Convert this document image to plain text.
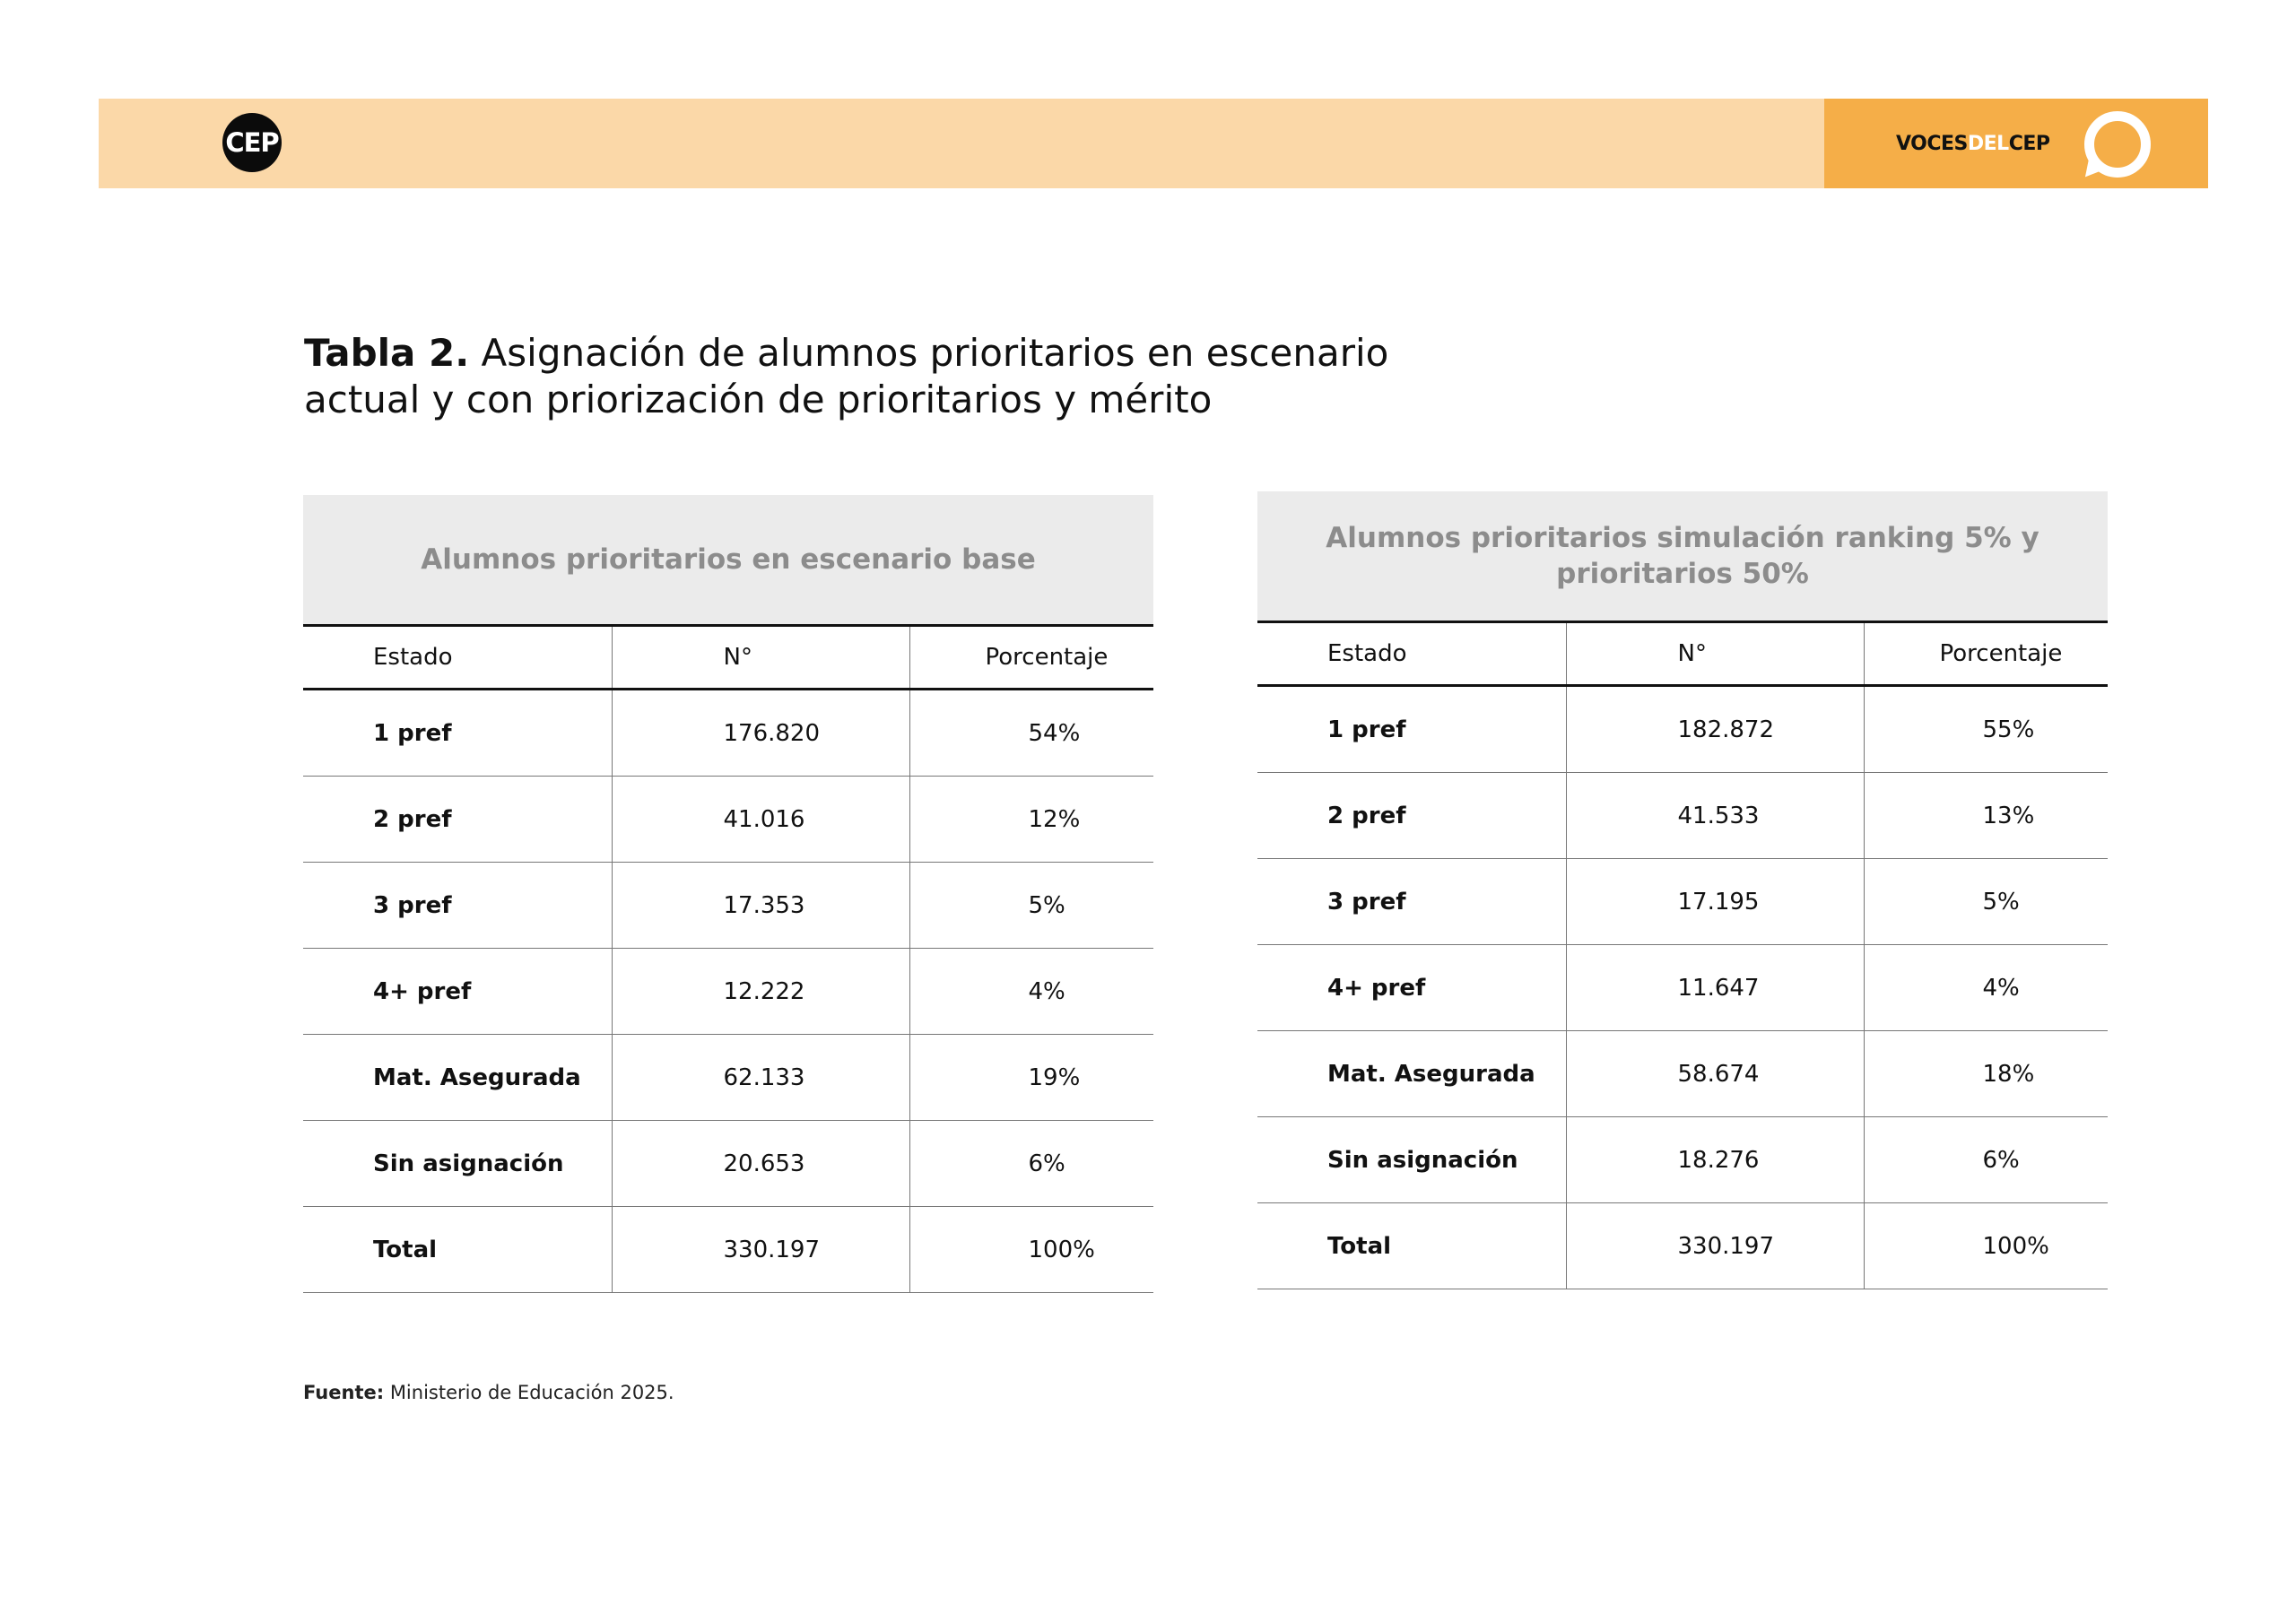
CEP	VOCESDELCEP
Tabla 2. Asignación de alumnos prioritarios en escenario actual y con priorización de prioritarios y mérito
Alumnos prioritarios en escenario base
Estado	N°	Porcentaje
1 pref	176.820	54%
2 pref	41.016	12%
3 pref	17.353	5%
4+ pref	12.222	4%
Mat. Asegurada	62.133	19%
Sin asignación	20.653	6%
Total	330.197	100%
Alumnos prioritarios simulación ranking 5% y prioritarios 50%
Estado	N°	Porcentaje
1 pref	182.872	55%
2 pref	41.533	13%
3 pref	17.195	5%
4+ pref	11.647	4%
Mat. Asegurada	58.674	18%
Sin asignación	18.276	6%
Total	330.197	100%
Fuente: Ministerio de Educación 2025.
